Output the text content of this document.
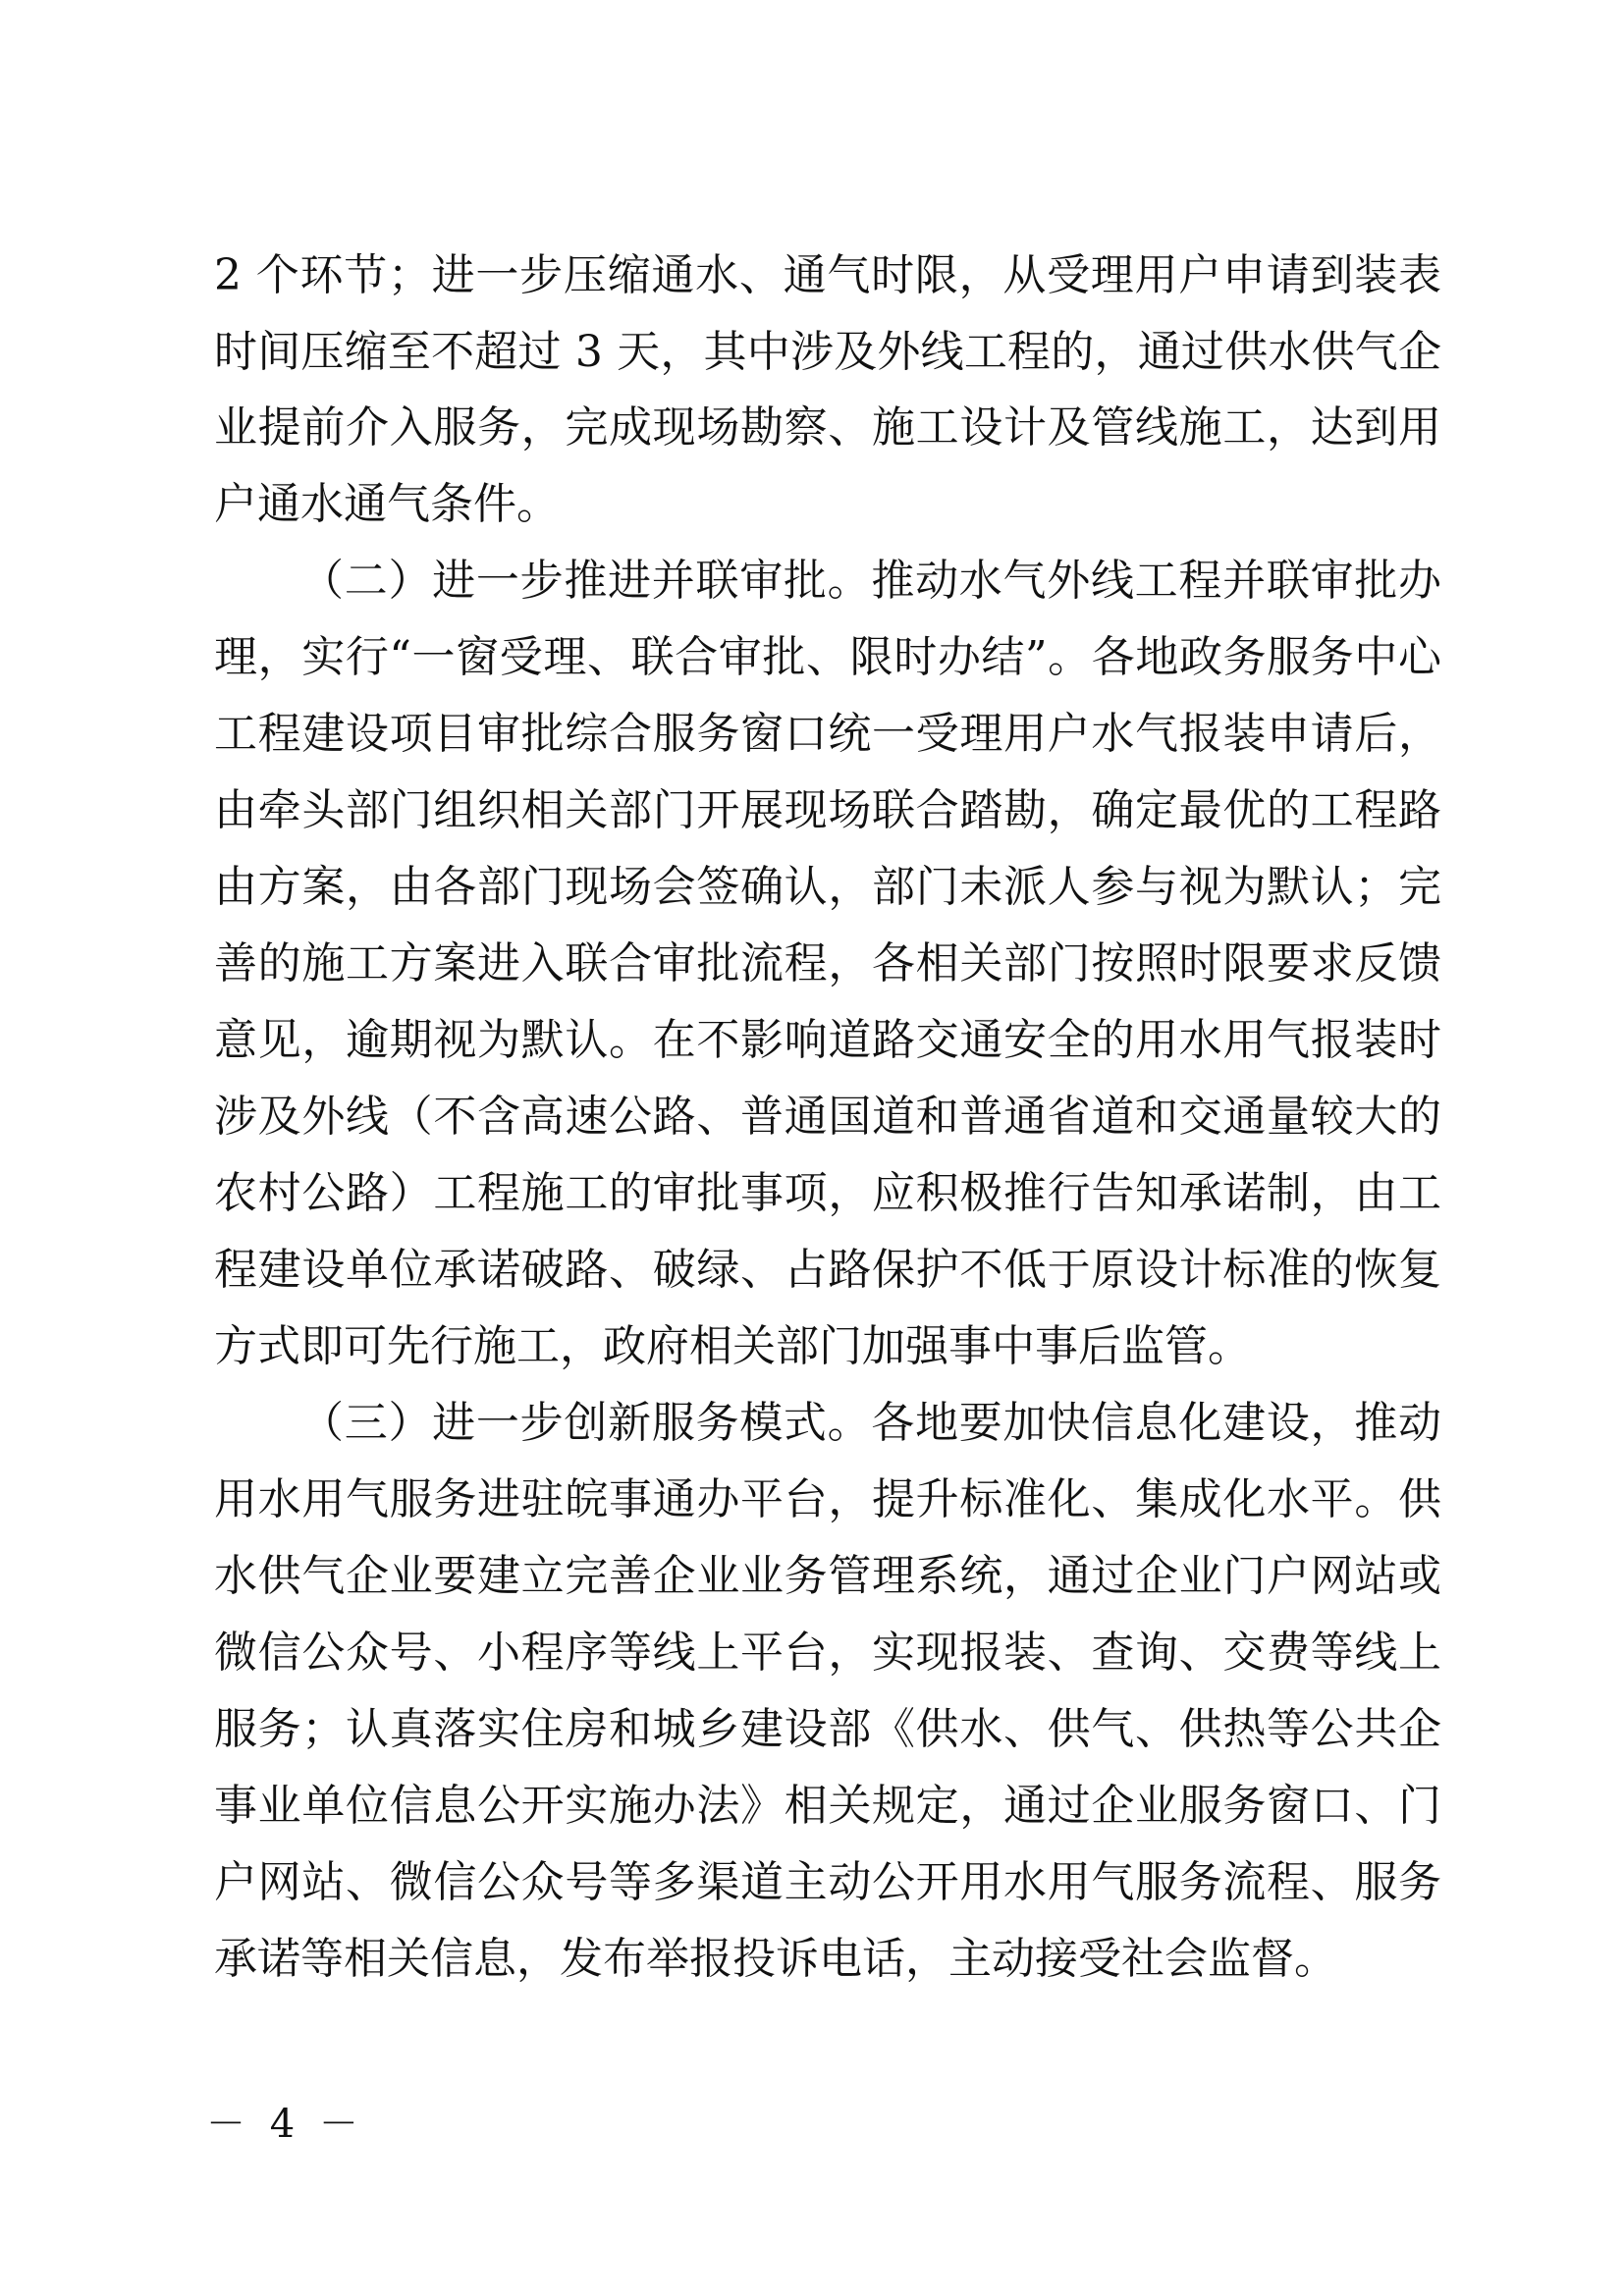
2 个环节；进一步压缩通水、通气时限，从受理用户申请到装表
时间压缩至不超过 3 天，其中涉及外线工程的，通过供水供气企
业提前介入服务，完成现场勘察、施工设计及管线施工，达到用
户通水通气条件。
（二）进一步推进并联审批。推动水气外线工程并联审批办
理，实行“一窗受理、联合审批、限时办结”。各地政务服务中心
工程建设项目审批综合服务窗口统一受理用户水气报装申请后，
由牵头部门组织相关部门开展现场联合踏勘，确定最优的工程路
由方案，由各部门现场会签确认，部门未派人参与视为默认；完
善的施工方案进入联合审批流程，各相关部门按照时限要求反馈
意见，逾期视为默认。在不影响道路交通安全的用水用气报装时
涉及外线（不含高速公路、普通国道和普通省道和交通量较大的
农村公路）工程施工的审批事项，应积极推行告知承诺制，由工
程建设单位承诺破路、破绿、占路保护不低于原设计标准的恢复
方式即可先行施工，政府相关部门加强事中事后监管。
（三）进一步创新服务模式。各地要加快信息化建设，推动
用水用气服务进驻皖事通办平台，提升标准化、集成化水平。供
水供气企业要建立完善企业业务管理系统，通过企业门户网站或
微信公众号、小程序等线上平台，实现报装、查询、交费等线上
服务；认真落实住房和城乡建设部《供水、供气、供热等公共企
事业单位信息公开实施办法》相关规定，通过企业服务窗口、门
户网站、微信公众号等多渠道主动公开用水用气服务流程、服务
承诺等相关信息，发布举报投诉电话，主动接受社会监督。
－ 4 －
